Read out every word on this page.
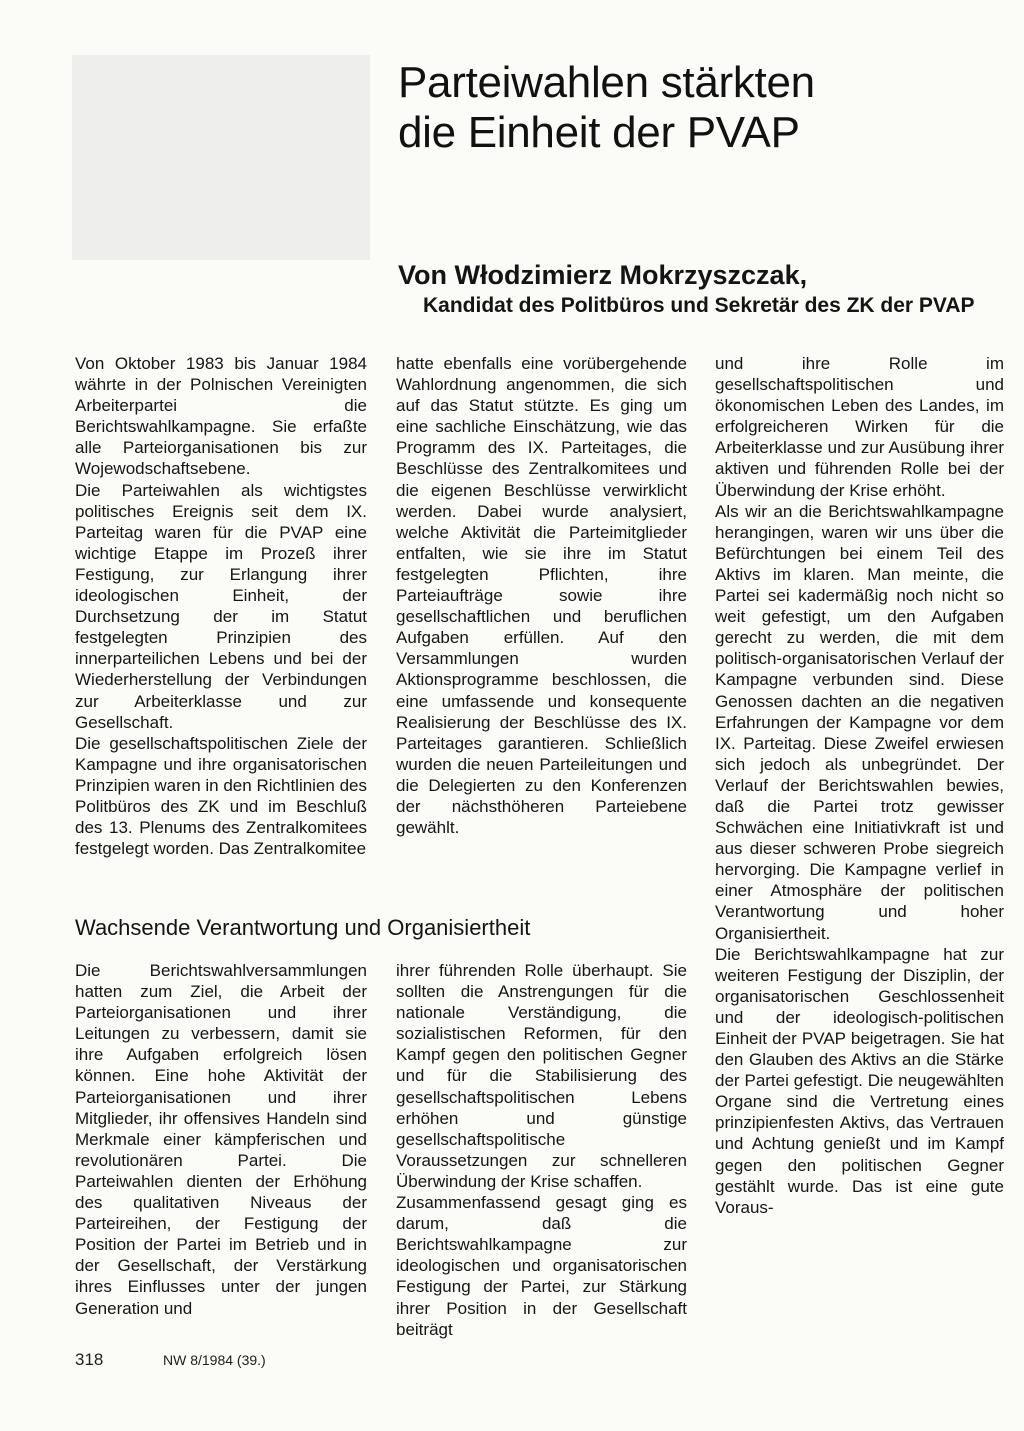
Parteiwahlen stärkten
die Einheit der PVAP
Von Włodzimierz Mokrzyszczak,
Kandidat des Politbüros und Sekretär des ZK der PVAP

Von Oktober 1983 bis Januar 1984 währte in der Polnischen Vereinigten Arbeiterpartei die Berichtswahlkampagne. Sie erfaßte alle Parteiorganisationen bis zur Wojewodschaftsebene.

Die Parteiwahlen als wichtigstes politisches Ereignis seit dem IX. Parteitag waren für die PVAP eine wichtige Etappe im Prozeß ihrer Festigung, zur Erlangung ihrer ideologischen Einheit, der Durchsetzung der im Statut festgelegten Prinzipien des innerparteilichen Lebens und bei der Wiederherstellung der Verbindungen zur Arbeiterklasse und zur Gesellschaft.

Die gesellschaftspolitischen Ziele der Kampagne und ihre organisatorischen Prinzipien waren in den Richtlinien des Politbüros des ZK und im Beschluß des 13. Plenums des Zentralkomitees festgelegt worden. Das Zentralkomitee

hatte ebenfalls eine vorübergehende Wahlordnung angenommen, die sich auf das Statut stützte. Es ging um eine sachliche Einschätzung, wie das Programm des IX. Parteitages, die Beschlüsse des Zentralkomitees und die eigenen Beschlüsse verwirklicht werden. Dabei wurde analysiert, welche Aktivität die Parteimitglieder entfalten, wie sie ihre im Statut festgelegten Pflichten, ihre Parteiaufträge sowie ihre gesellschaftlichen und beruflichen Aufgaben erfüllen. Auf den Versammlungen wurden Aktionsprogramme beschlossen, die eine umfassende und konsequente Realisierung der Beschlüsse des IX. Parteitages garantieren. Schließlich wurden die neuen Parteileitungen und die Delegierten zu den Konferenzen der nächsthöheren Parteiebene gewählt.

und ihre Rolle im gesellschaftspolitischen und ökonomischen Leben des Landes, im erfolgreicheren Wirken für die Arbeiterklasse und zur Ausübung ihrer aktiven und führenden Rolle bei der Überwindung der Krise erhöht.

Als wir an die Berichtswahlkampagne herangingen, waren wir uns über die Befürchtungen bei einem Teil des Aktivs im klaren. Man meinte, die Partei sei kadermäßig noch nicht so weit gefestigt, um den Aufgaben gerecht zu werden, die mit dem politisch-organisatorischen Verlauf der Kampagne verbunden sind. Diese Genossen dachten an die negativen Erfahrungen der Kampagne vor dem IX. Parteitag. Diese Zweifel erwiesen sich jedoch als unbegründet. Der Verlauf der Berichtswahlen bewies, daß die Partei trotz gewisser Schwächen eine Initiativkraft ist und aus dieser schweren Probe siegreich hervorging. Die Kampagne verlief in einer Atmosphäre der politischen Verantwortung und hoher Organisiertheit.

Die Berichtswahlkampagne hat zur weiteren Festigung der Disziplin, der organisatorischen Geschlossenheit und der ideologisch-politischen Einheit der PVAP beigetragen. Sie hat den Glauben des Aktivs an die Stärke der Partei gefestigt. Die neugewählten Organe sind die Vertretung eines prinzipienfesten Aktivs, das Vertrauen und Achtung genießt und im Kampf gegen den politischen Gegner gestählt wurde. Das ist eine gute Voraus-

Wachsende Verantwortung und Organisiertheit

Die Berichtswahlversammlungen hatten zum Ziel, die Arbeit der Parteiorganisationen und ihrer Leitungen zu verbessern, damit sie ihre Aufgaben erfolgreich lösen können. Eine hohe Aktivität der Parteiorganisationen und ihrer Mitglieder, ihr offensives Handeln sind Merkmale einer kämpferischen und revolutionären Partei. Die Parteiwahlen dienten der Erhöhung des qualitativen Niveaus der Parteireihen, der Festigung der Position der Partei im Betrieb und in der Gesellschaft, der Verstärkung ihres Einflusses unter der jungen Generation und

ihrer führenden Rolle überhaupt. Sie sollten die Anstrengungen für die nationale Verständigung, die sozialistischen Reformen, für den Kampf gegen den politischen Gegner und für die Stabilisierung des gesellschaftspolitischen Lebens erhöhen und günstige gesellschaftspolitische Voraussetzungen zur schnelleren Überwindung der Krise schaffen.

Zusammenfassend gesagt ging es darum, daß die Berichtswahlkampagne zur ideologischen und organisatorischen Festigung der Partei, zur Stärkung ihrer Position in der Gesellschaft beiträgt

318	NW 8/1984 (39.)
